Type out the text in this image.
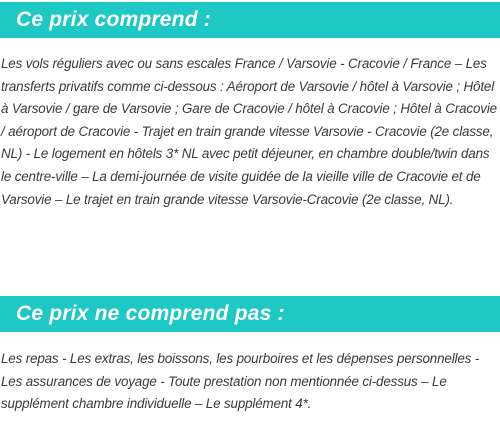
Ce prix comprend :
Les vols réguliers avec ou sans escales France / Varsovie - Cracovie / France – Les transferts privatifs comme ci-dessous : Aéroport de Varsovie / hôtel à Varsovie ; Hôtel à Varsovie / gare de Varsovie ; Gare de Cracovie / hôtel à Cracovie ; Hôtel à Cracovie / aéroport de Cracovie - Trajet en train grande vitesse Varsovie - Cracovie (2e classe, NL) - Le logement en hôtels 3* NL avec petit déjeuner, en chambre double/twin dans le centre-ville – La demi-journée de visite guidée de la vieille ville de Cracovie et de Varsovie – Le trajet en train grande vitesse Varsovie-Cracovie (2e classe, NL).
Ce prix ne comprend pas :
Les repas - Les extras, les boissons, les pourboires et les dépenses personnelles - Les assurances de voyage - Toute prestation non mentionnée ci-dessus – Le supplément chambre individuelle – Le supplément 4*.
